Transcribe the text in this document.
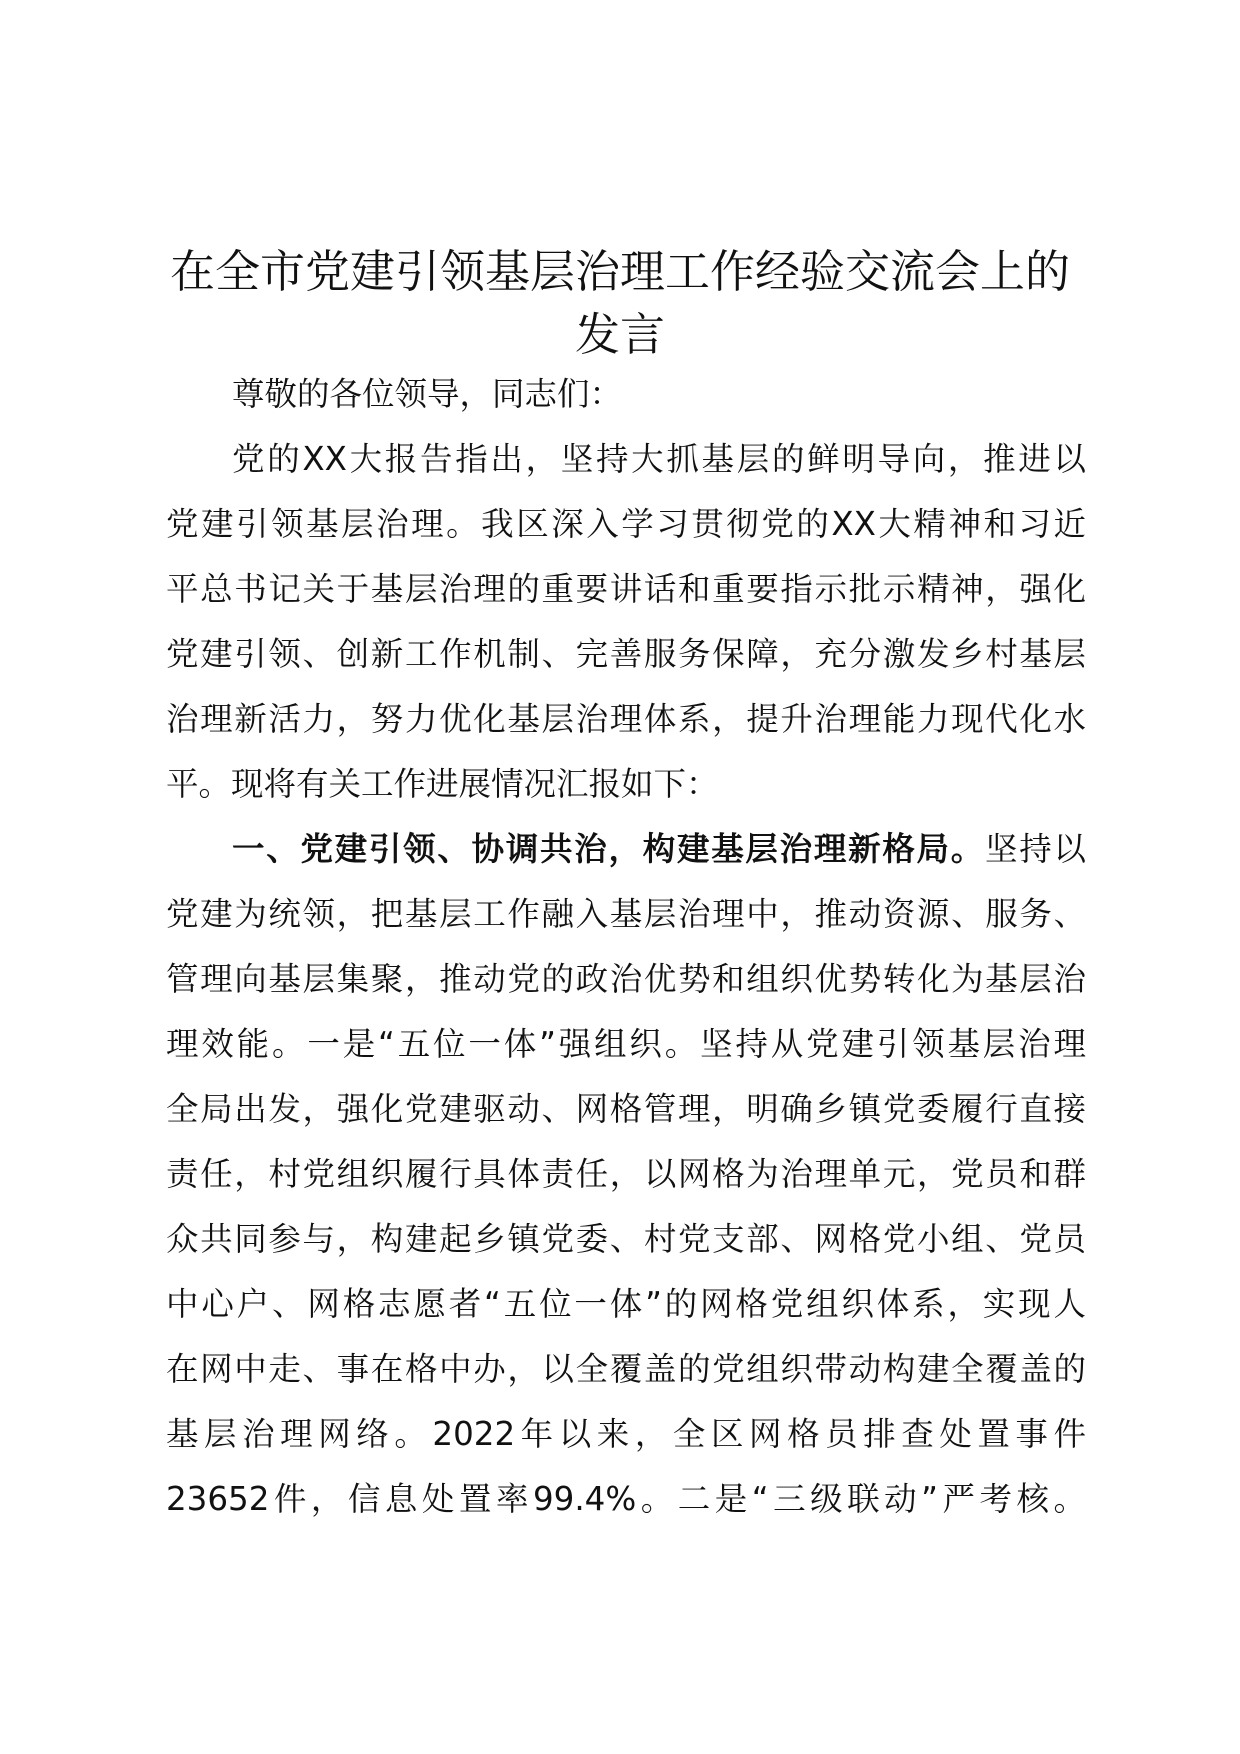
在全市党建引领基层治理工作经验交流会上的
发言

尊敬的各位领导，同志们：

党的XX大报告指出，坚持大抓基层的鲜明导向，推进以
党建引领基层治理。我区深入学习贯彻党的XX大精神和习近
平总书记关于基层治理的重要讲话和重要指示批示精神，强化
党建引领、创新工作机制、完善服务保障，充分激发乡村基层
治理新活力，努力优化基层治理体系，提升治理能力现代化水
平。现将有关工作进展情况汇报如下：

一、党建引领、协调共治，构建基层治理新格局。坚持以
党建为统领，把基层工作融入基层治理中，推动资源、服务、
管理向基层集聚，推动党的政治优势和组织优势转化为基层治
理效能。一是“五位一体”强组织。坚持从党建引领基层治理
全局出发，强化党建驱动、网格管理，明确乡镇党委履行直接
责任，村党组织履行具体责任，以网格为治理单元，党员和群
众共同参与，构建起乡镇党委、村党支部、网格党小组、党员
中心户、网格志愿者“五位一体”的网格党组织体系，实现人
在网中走、事在格中办，以全覆盖的党组织带动构建全覆盖的
基层治理网络。2022年以来，全区网格员排查处置事件
23652件，信息处置率99.4%。二是“三级联动”严考核。
